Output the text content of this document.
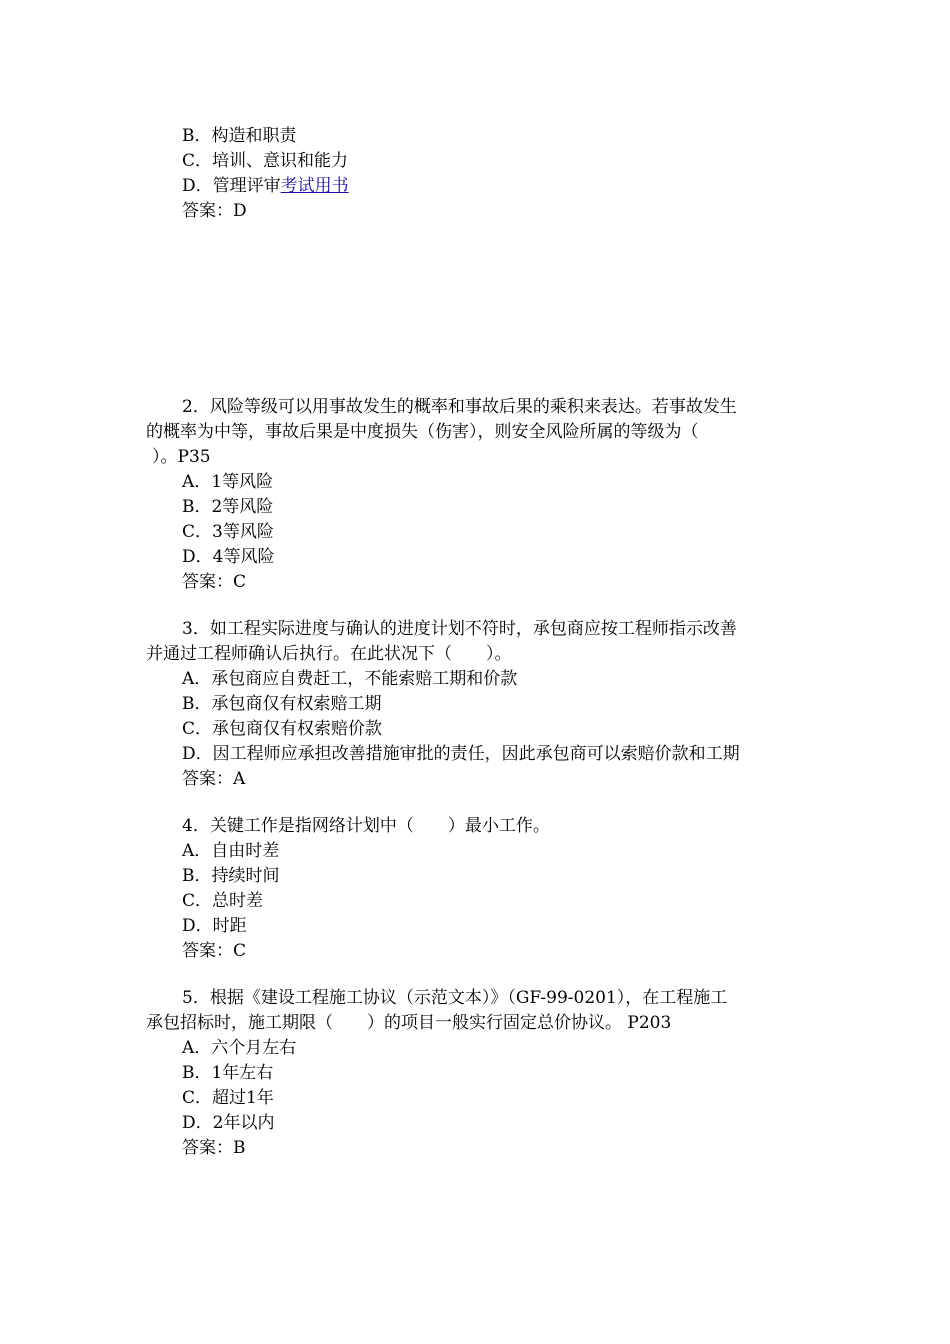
B．构造和职责
C．培训、意识和能力
D．管理评审考试用书
答案：D
2．风险等级可以用事故发生的概率和事故后果的乘积来表达。若事故发生
的概率为中等，事故后果是中度损失（伤害），则安全风险所属的等级为（
）。P35
A．1等风险
B．2等风险
C．3等风险
D．4等风险
答案：C
3．如工程实际进度与确认的进度计划不符时，承包商应按工程师指示改善
并通过工程师确认后执行。在此状况下（　　）。
A．承包商应自费赶工，不能索赔工期和价款
B．承包商仅有权索赔工期
C．承包商仅有权索赔价款
D．因工程师应承担改善措施审批的责任，因此承包商可以索赔价款和工期
答案：A
4．关键工作是指网络计划中（　　）最小工作。
A．自由时差
B．持续时间
C．总时差
D．时距
答案：C
5．根据《建设工程施工协议（示范文本）》（GF-99-0201），在工程施工
承包招标时，施工期限（　　）的项目一般实行固定总价协议。 P203
A．六个月左右
B．1年左右
C．超过1年
D．2年以内
答案：B
